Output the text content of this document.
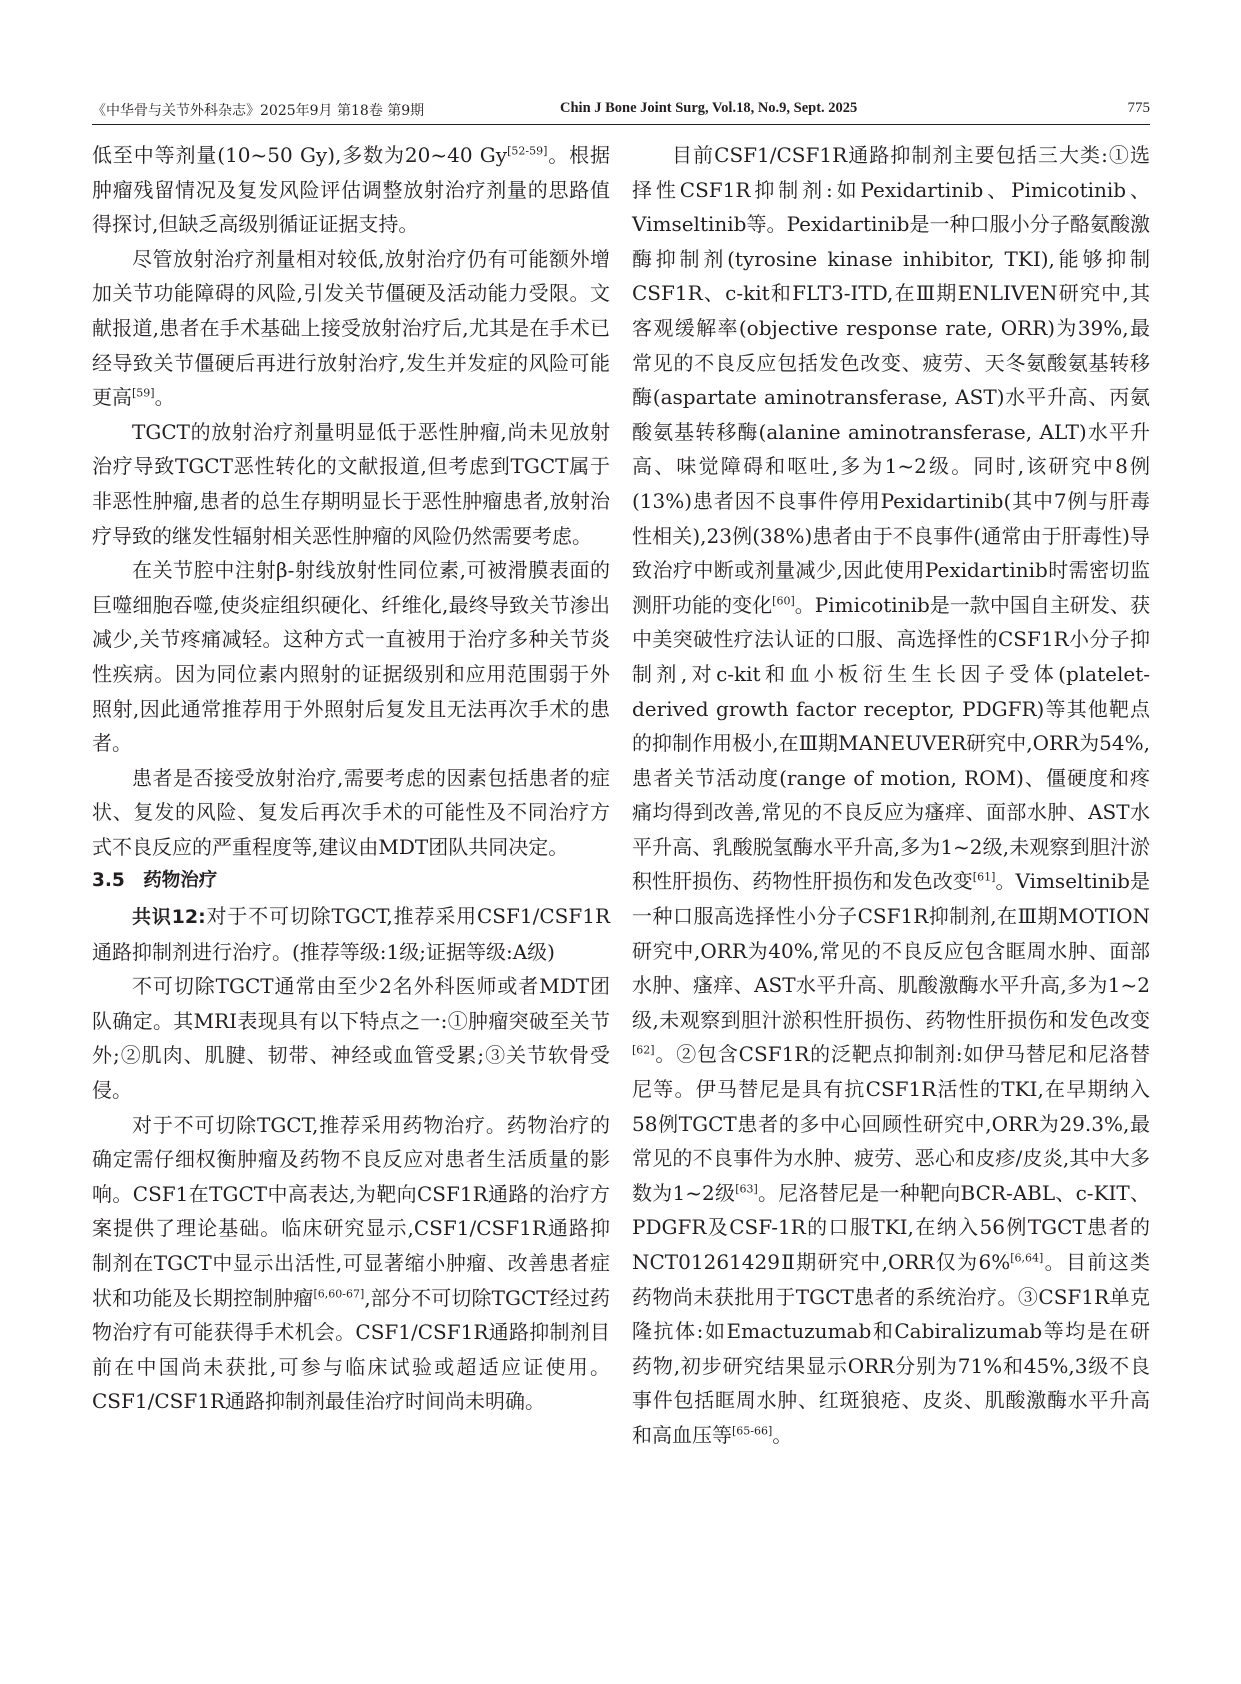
《中华骨与关节外科杂志》2025年9月 第18卷 第9期	Chin J Bone Joint Surg, Vol.18, No.9, Sept. 2025	775

低至中等剂量(10~50 Gy),多数为20~40 Gy[52-59]。根据肿瘤残留情况及复发风险评估调整放射治疗剂量的思路值得探讨,但缺乏高级别循证证据支持。

尽管放射治疗剂量相对较低,放射治疗仍有可能额外增加关节功能障碍的风险,引发关节僵硬及活动能力受限。文献报道,患者在手术基础上接受放射治疗后,尤其是在手术已经导致关节僵硬后再进行放射治疗,发生并发症的风险可能更高[59]。

TGCT的放射治疗剂量明显低于恶性肿瘤,尚未见放射治疗导致TGCT恶性转化的文献报道,但考虑到TGCT属于非恶性肿瘤,患者的总生存期明显长于恶性肿瘤患者,放射治疗导致的继发性辐射相关恶性肿瘤的风险仍然需要考虑。

在关节腔中注射β-射线放射性同位素,可被滑膜表面的巨噬细胞吞噬,使炎症组织硬化、纤维化,最终导致关节渗出减少,关节疼痛减轻。这种方式一直被用于治疗多种关节炎性疾病。因为同位素内照射的证据级别和应用范围弱于外照射,因此通常推荐用于外照射后复发且无法再次手术的患者。

患者是否接受放射治疗,需要考虑的因素包括患者的症状、复发的风险、复发后再次手术的可能性及不同治疗方式不良反应的严重程度等,建议由MDT团队共同决定。

3.5　药物治疗

共识12:对于不可切除TGCT,推荐采用CSF1/CSF1R通路抑制剂进行治疗。(推荐等级:1级;证据等级:A级)

不可切除TGCT通常由至少2名外科医师或者MDT团队确定。其MRI表现具有以下特点之一:①肿瘤突破至关节外;②肌肉、肌腱、韧带、神经或血管受累;③关节软骨受侵。

对于不可切除TGCT,推荐采用药物治疗。药物治疗的确定需仔细权衡肿瘤及药物不良反应对患者生活质量的影响。CSF1在TGCT中高表达,为靶向CSF1R通路的治疗方案提供了理论基础。临床研究显示,CSF1/CSF1R通路抑制剂在TGCT中显示出活性,可显著缩小肿瘤、改善患者症状和功能及长期控制肿瘤[6,60-67],部分不可切除TGCT经过药物治疗有可能获得手术机会。CSF1/CSF1R通路抑制剂目前在中国尚未获批,可参与临床试验或超适应证使用。CSF1/CSF1R通路抑制剂最佳治疗时间尚未明确。

目前CSF1/CSF1R通路抑制剂主要包括三大类:①选择性CSF1R抑制剂:如Pexidartinib、Pimicotinib、Vimseltinib等。Pexidartinib是一种口服小分子酪氨酸激酶抑制剂(tyrosine kinase inhibitor, TKI),能够抑制CSF1R、c-kit和FLT3-ITD,在Ⅲ期ENLIVEN研究中,其客观缓解率(objective response rate, ORR)为39%,最常见的不良反应包括发色改变、疲劳、天冬氨酸氨基转移酶(aspartate aminotransferase, AST)水平升高、丙氨酸氨基转移酶(alanine aminotransferase, ALT)水平升高、味觉障碍和呕吐,多为1~2级。同时,该研究中8例(13%)患者因不良事件停用Pexidartinib(其中7例与肝毒性相关),23例(38%)患者由于不良事件(通常由于肝毒性)导致治疗中断或剂量减少,因此使用Pexidartinib时需密切监测肝功能的变化[60]。Pimicotinib是一款中国自主研发、获中美突破性疗法认证的口服、高选择性的CSF1R小分子抑制剂,对c-kit和血小板衍生生长因子受体(platelet-derived growth factor receptor, PDGFR)等其他靶点的抑制作用极小,在Ⅲ期MANEUVER研究中,ORR为54%,患者关节活动度(range of motion, ROM)、僵硬度和疼痛均得到改善,常见的不良反应为瘙痒、面部水肿、AST水平升高、乳酸脱氢酶水平升高,多为1~2级,未观察到胆汁淤积性肝损伤、药物性肝损伤和发色改变[61]。Vimseltinib是一种口服高选择性小分子CSF1R抑制剂,在Ⅲ期MOTION研究中,ORR为40%,常见的不良反应包含眶周水肿、面部水肿、瘙痒、AST水平升高、肌酸激酶水平升高,多为1~2级,未观察到胆汁淤积性肝损伤、药物性肝损伤和发色改变[62]。②包含CSF1R的泛靶点抑制剂:如伊马替尼和尼洛替尼等。伊马替尼是具有抗CSF1R活性的TKI,在早期纳入58例TGCT患者的多中心回顾性研究中,ORR为29.3%,最常见的不良事件为水肿、疲劳、恶心和皮疹/皮炎,其中大多数为1~2级[63]。尼洛替尼是一种靶向BCR-ABL、c-KIT、PDGFR及CSF-1R的口服TKI,在纳入56例TGCT患者的NCT01261429Ⅱ期研究中,ORR仅为6%[6,64]。目前这类药物尚未获批用于TGCT患者的系统治疗。③CSF1R单克隆抗体:如Emactuzumab和Cabiralizumab等均是在研药物,初步研究结果显示ORR分别为71%和45%,3级不良事件包括眶周水肿、红斑狼疮、皮炎、肌酸激酶水平升高和高血压等[65-66]。
